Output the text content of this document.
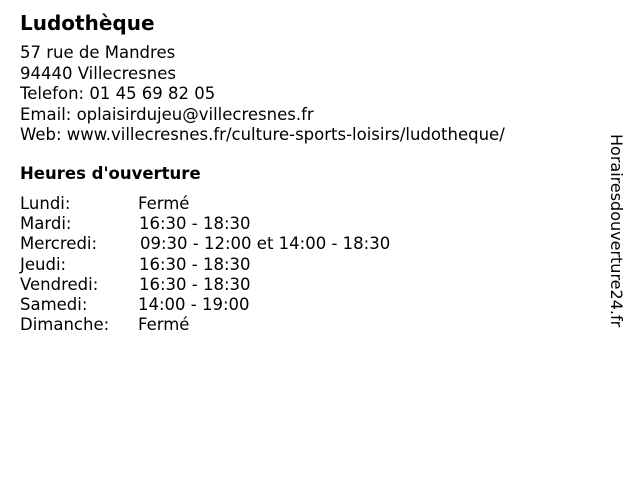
Ludothèque
57 rue de Mandres
94440 Villecresnes
Telefon: 01 45 69 82 05
Email: oplaisirdujeu@villecresnes.fr
Web: www.villecresnes.fr/culture-sports-loisirs/ludotheque/
Heures d'ouverture
Lundi:	Fermé
Mardi:	16:30 - 18:30
Mercredi:	09:30 - 12:00 et 14:00 - 18:30
Jeudi:	16:30 - 18:30
Vendredi: 16:30 - 18:30
Samedi:	14:00 - 19:00
Dimanche: Fermé	Horairesdouverture24.fr
